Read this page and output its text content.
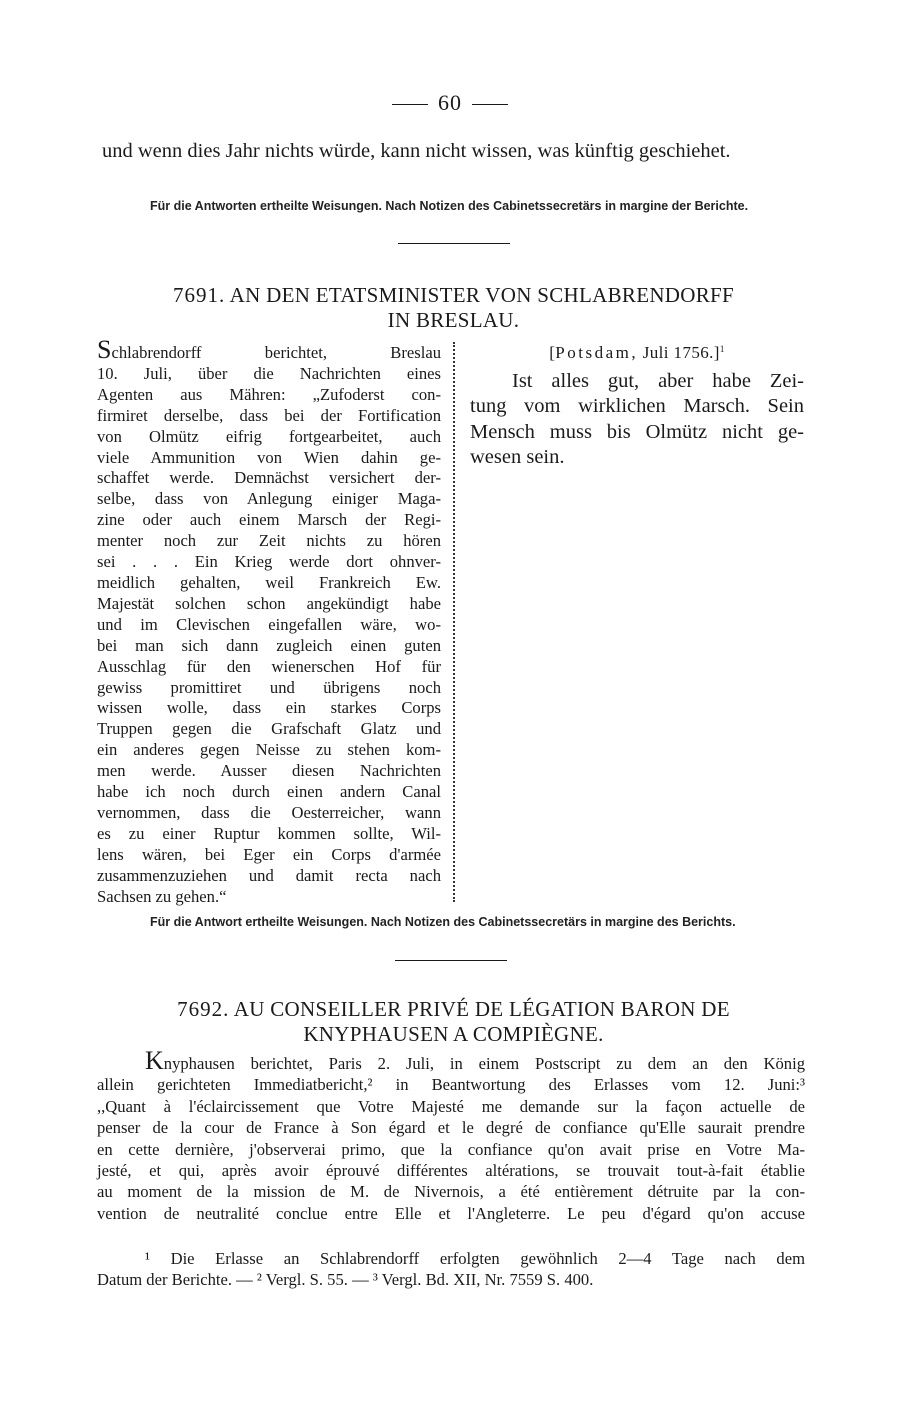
60
und wenn dies Jahr nichts würde, kann nicht wissen, was künftig geschiehet.
Für die Antworten ertheilte Weisungen. Nach Notizen des Cabinetssecretärs in margine der Berichte.
7691. AN DEN ETATSMINISTER VON SCHLABRENDORFF
IN BRESLAU.
Schlabrendorff berichtet, Breslau
10. Juli, über die Nachrichten eines
Agenten aus Mähren: „Zufoderst con-
firmiret derselbe, dass bei der Fortification
von Olmütz eifrig fortgearbeitet, auch
viele Ammunition von Wien dahin ge-
schaffet werde. Demnächst versichert der-
selbe, dass von Anlegung einiger Maga-
zine oder auch einem Marsch der Regi-
menter noch zur Zeit nichts zu hören
sei . . . Ein Krieg werde dort ohnver-
meidlich gehalten, weil Frankreich Ew.
Majestät solchen schon angekündigt habe
und im Clevischen eingefallen wäre, wo-
bei man sich dann zugleich einen guten
Ausschlag für den wienerschen Hof für
gewiss promittiret und übrigens noch
wissen wolle, dass ein starkes Corps
Truppen gegen die Grafschaft Glatz und
ein anderes gegen Neisse zu stehen kom-
men werde. Ausser diesen Nachrichten
habe ich noch durch einen andern Canal
vernommen, dass die Oesterreicher, wann
es zu einer Ruptur kommen sollte, Wil-
lens wären, bei Eger ein Corps d'armée
zusammenzuziehen und damit recta nach
Sachsen zu gehen.“
[Potsdam, Juli 1756.]$^1$
Ist alles gut, aber habe Zei-
tung vom wirklichen Marsch. Sein
Mensch muss bis Olmütz nicht ge-
wesen sein.
Für die Antwort ertheilte Weisungen. Nach Notizen des Cabinetssecretärs in margine des Berichts.
7692. AU CONSEILLER PRIVÉ DE LÉGATION BARON DE
KNYPHAUSEN A COMPIÈGNE.
Knyphausen berichtet, Paris 2. Juli, in einem Postscript zu dem an den König
allein gerichteten Immediatbericht,² in Beantwortung des Erlasses vom 12. Juni:³
,,Quant à l'éclaircissement que Votre Majesté me demande sur la façon actuelle de
penser de la cour de France à Son égard et le degré de confiance qu'Elle saurait prendre
en cette dernière, j'observerai primo, que la confiance qu'on avait prise en Votre Ma-
jesté, et qui, après avoir éprouvé différentes altérations, se trouvait tout-à-fait établie
au moment de la mission de M. de Nivernois, a été entièrement détruite par la con-
vention de neutralité conclue entre Elle et l'Angleterre. Le peu d'égard qu'on accuse
¹ Die Erlasse an Schlabrendorff erfolgten gewöhnlich 2—4 Tage nach dem
Datum der Berichte. — ² Vergl. S. 55. — ³ Vergl. Bd. XII, Nr. 7559 S. 400.
